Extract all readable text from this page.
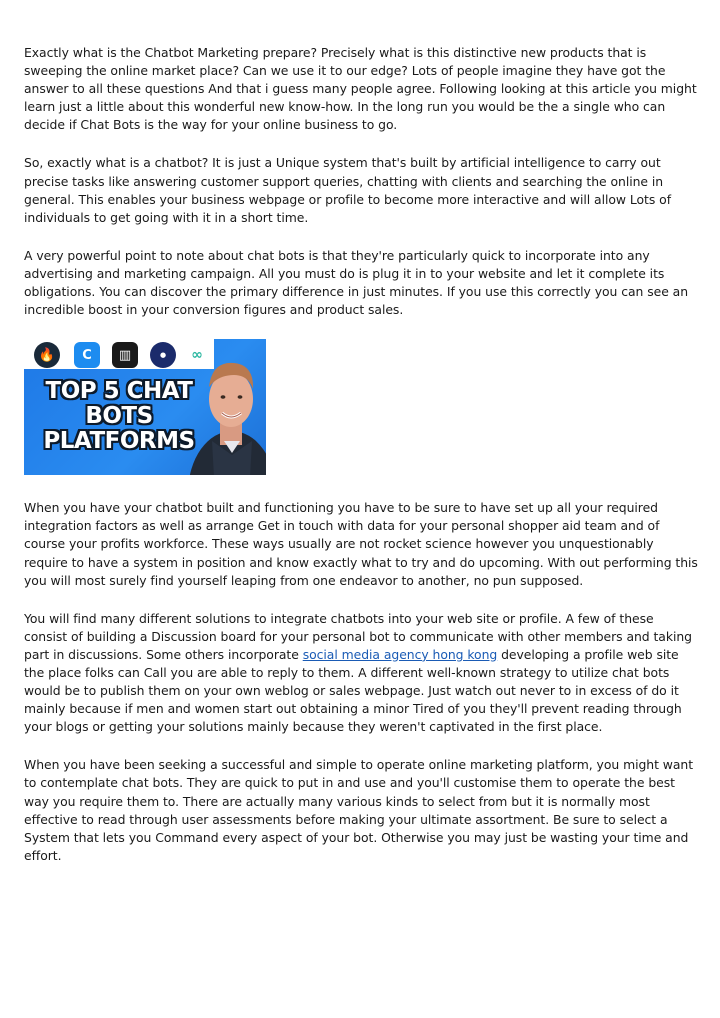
Exactly what is the Chatbot Marketing prepare? Precisely what is this distinctive new products that is sweeping the online market place? Can we use it to our edge? Lots of people imagine they have got the answer to all these questions And that i guess many people agree. Following looking at this article you might learn just a little about this wonderful new know-how. In the long run you would be the a single who can decide if Chat Bots is the way for your online business to go.

So, exactly what is a chatbot? It is just a Unique system that's built by artificial intelligence to carry out precise tasks like answering customer support queries, chatting with clients and searching the online in general. This enables your business webpage or profile to become more interactive and will allow Lots of individuals to get going with it in a short time.

A very powerful point to note about chat bots is that they're particularly quick to incorporate into any advertising and marketing campaign. All you must do is plug it in to your website and let it complete its obligations. You can discover the primary difference in just minutes. If you use this correctly you can see an incredible boost in your conversion figures and product sales.

🔥	C	▥	●	∞
TOP 5 CHAT
BOTS
PLATFORMS

When you have your chatbot built and functioning you have to be sure to have set up all your required integration factors as well as arrange Get in touch with data for your personal shopper aid team and of course your profits workforce. These ways usually are not rocket science however you unquestionably require to have a system in position and know exactly what to try and do upcoming. With out performing this you will most surely find yourself leaping from one endeavor to another, no pun supposed.

You will find many different solutions to integrate chatbots into your web site or profile. A few of these consist of building a Discussion board for your personal bot to communicate with other members and taking part in discussions. Some others incorporate social media agency hong kong developing a profile web site the place folks can Call you are able to reply to them. A different well-known strategy to utilize chat bots would be to publish them on your own weblog or sales webpage. Just watch out never to in excess of do it mainly because if men and women start out obtaining a minor Tired of you they'll prevent reading through your blogs or getting your solutions mainly because they weren't captivated in the first place.

When you have been seeking a successful and simple to operate online marketing platform, you might want to contemplate chat bots. They are quick to put in and use and you'll customise them to operate the best way you require them to. There are actually many various kinds to select from but it is normally most effective to read through user assessments before making your ultimate assortment. Be sure to select a System that lets you Command every aspect of your bot. Otherwise you may just be wasting your time and effort.
